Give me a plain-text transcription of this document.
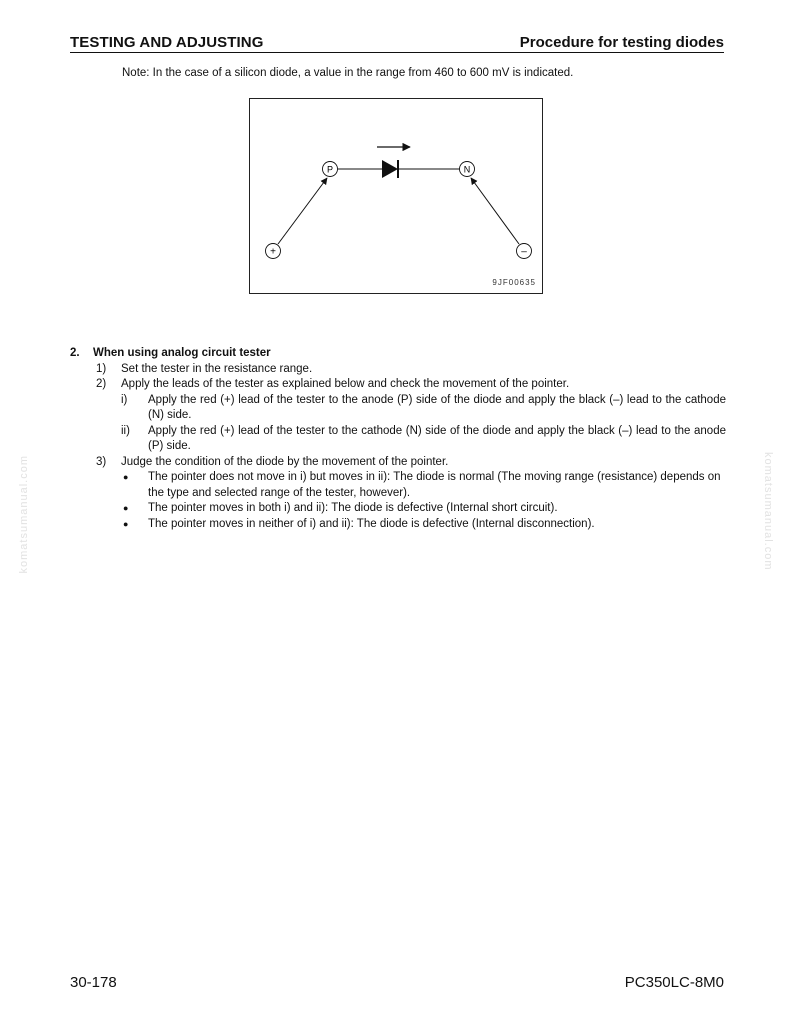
TESTING AND ADJUSTING	Procedure for testing diodes
Note: In the case of a silicon diode, a value in the range from 460 to 600 mV is indicated.
P	N
+	–
9JF00635
2. When using analog circuit tester
1) Set the tester in the resistance range.
2) Apply the leads of the tester as explained below and check the movement of the pointer.
i) Apply the red (+) lead of the tester to the anode (P) side of the diode and apply the black (–) lead to the cathode (N) side.
ii) Apply the red (+) lead of the tester to the cathode (N) side of the diode and apply the black (–) lead to the anode (P) side.
3) Judge the condition of the diode by the movement of the pointer.
● The pointer does not move in i) but moves in ii): The diode is normal (The moving range (resistance) depends on the type and selected range of the tester, however).
● The pointer moves in both i) and ii): The diode is defective (Internal short circuit).
● The pointer moves in neither of i) and ii): The diode is defective (Internal disconnection).
komatsumanual.com	komatsumanual.com
30-178	PC350LC-8M0
